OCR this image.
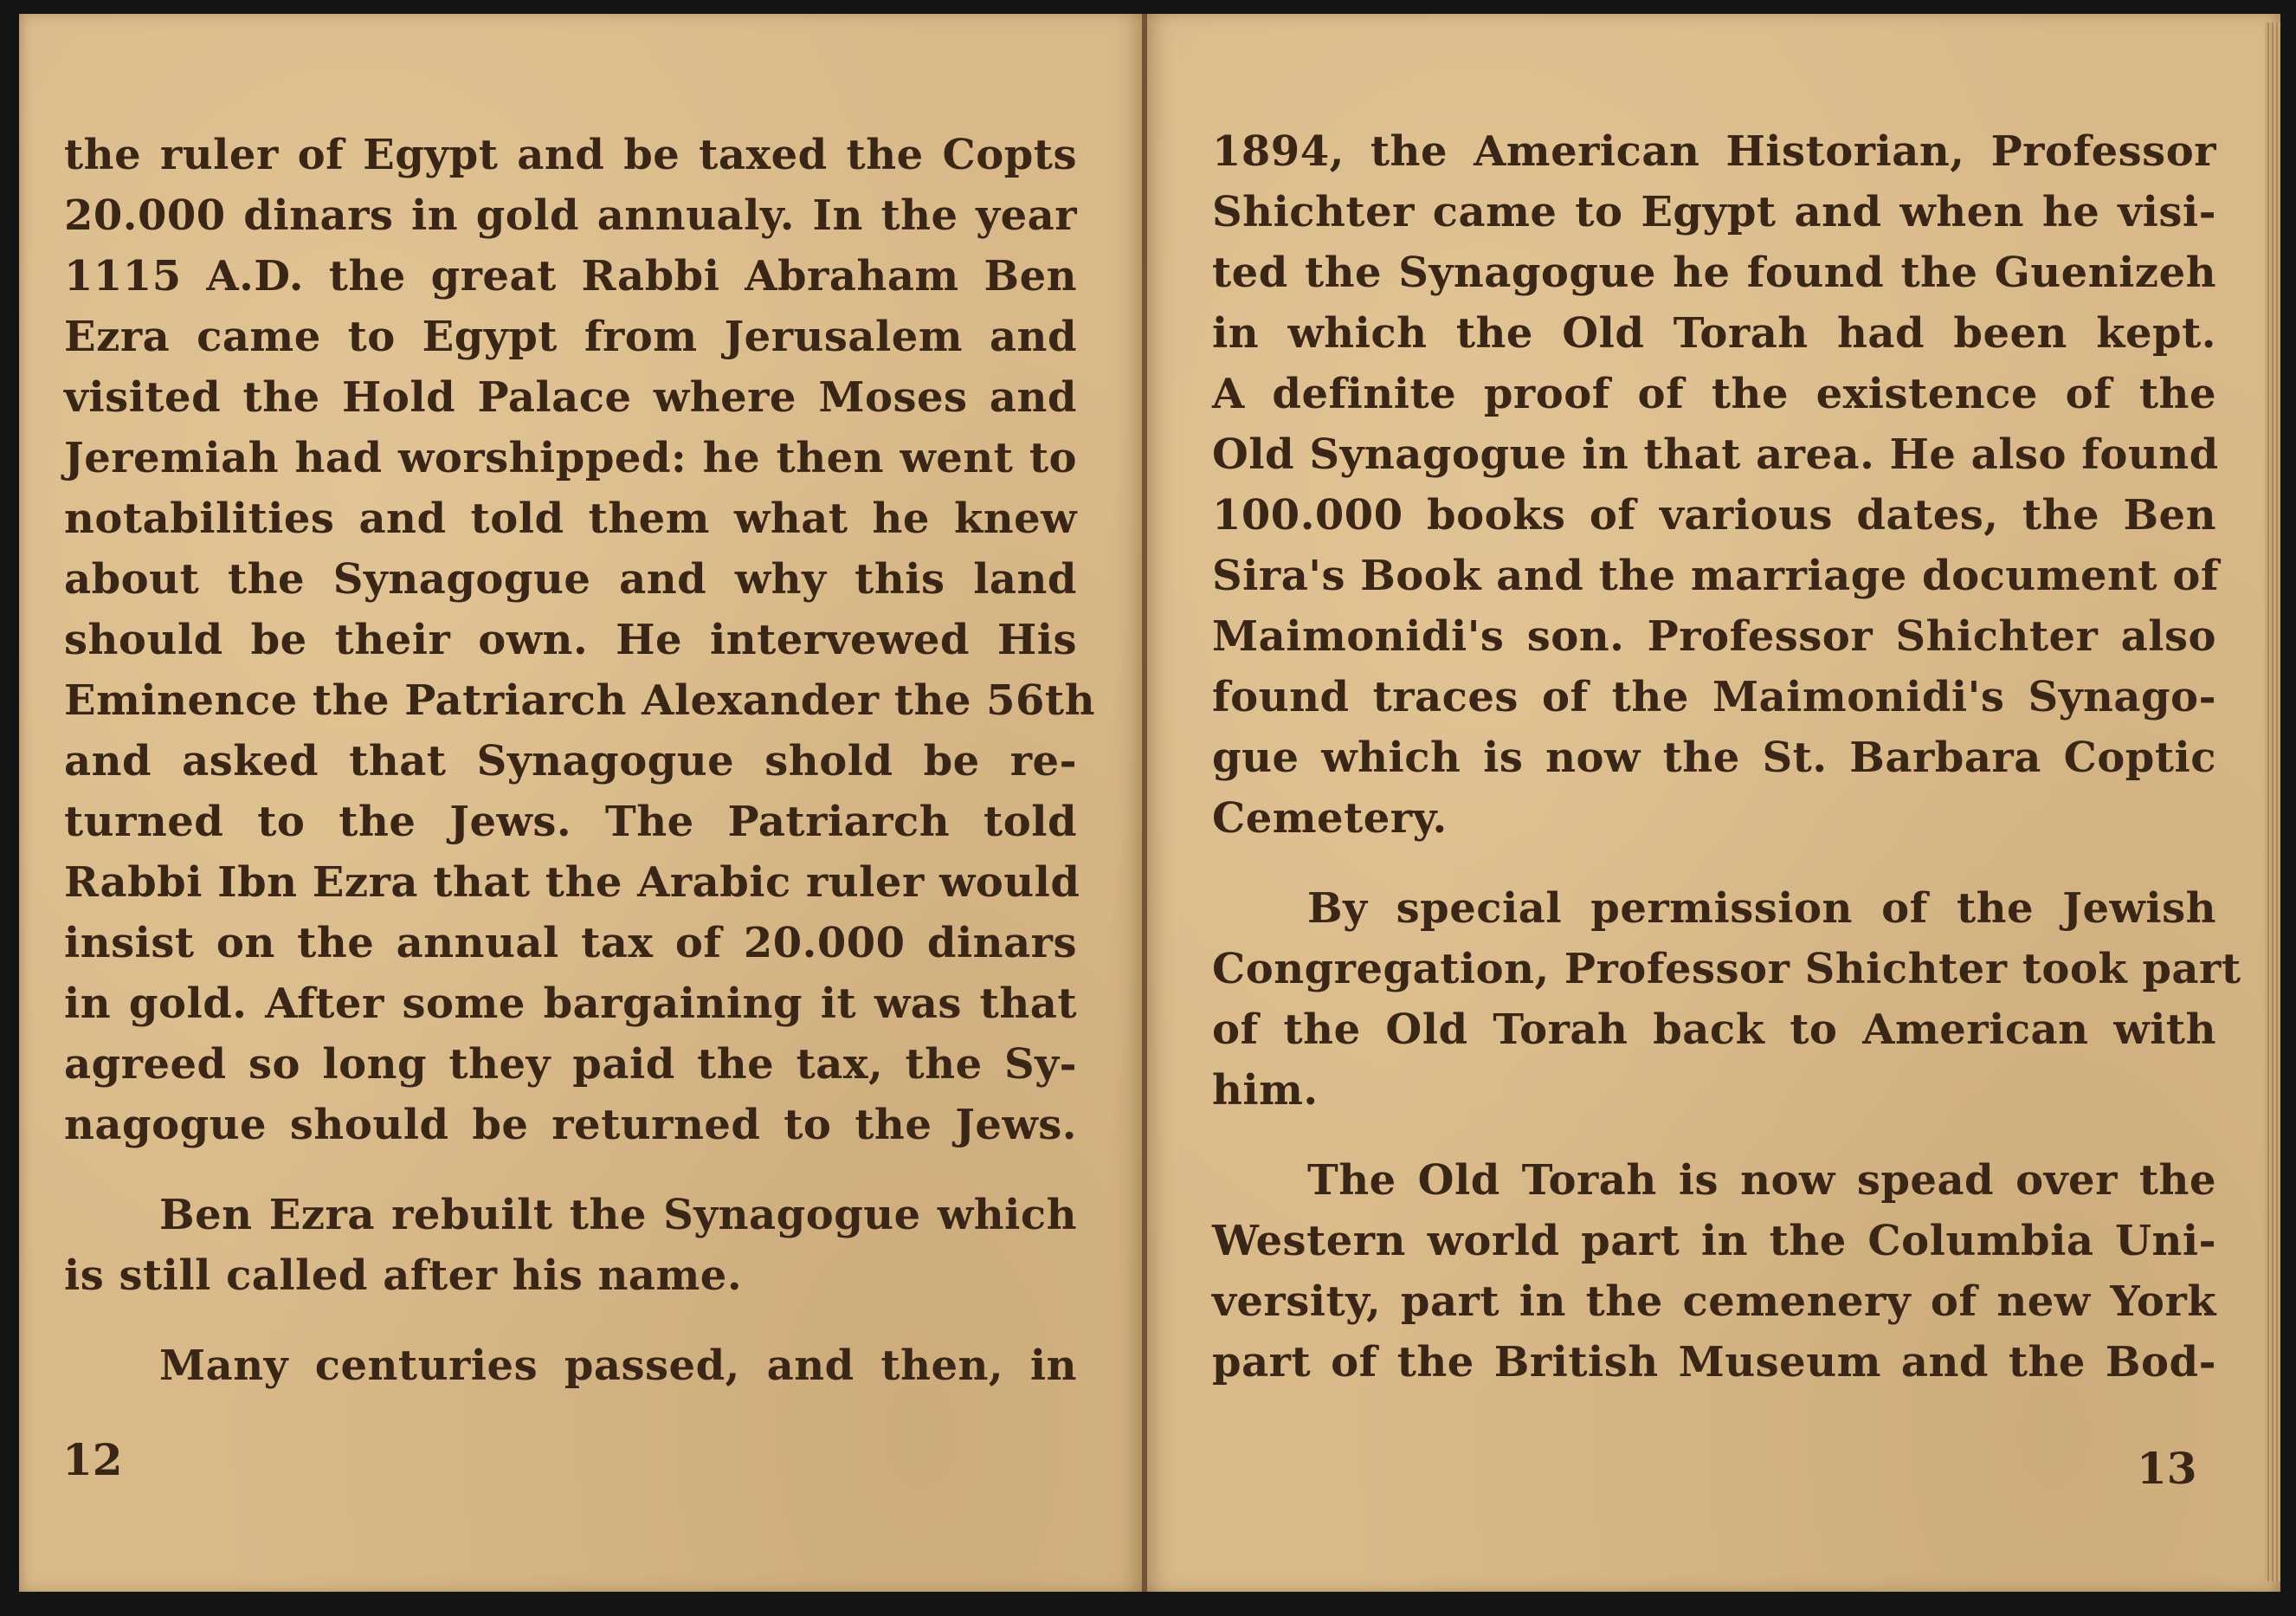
the ruler of Egypt and be taxed the Copts
20.000 dinars in gold annualy. In the year
1115 A.D. the great Rabbi Abraham Ben
Ezra came to Egypt from Jerusalem and
visited the Hold Palace where Moses and
Jeremiah had worshipped: he then went to
notabilities and told them what he knew
about the Synagogue and why this land
should be their own. He intervewed His
Eminence the Patriarch Alexander the 56th
and asked that Synagogue shold be re-
turned to the Jews. The Patriarch told
Rabbi Ibn Ezra that the Arabic ruler would
insist on the annual tax of 20.000 dinars
in gold. After some bargaining it was that
agreed so long they paid the tax, the Sy-
nagogue should be returned to the Jews.
Ben Ezra rebuilt the Synagogue which
is still called after his name.
Many centuries passed, and then, in
12
1894, the American Historian, Professor
Shichter came to Egypt and when he visi-
ted the Synagogue he found the Guenizeh
in which the Old Torah had been kept.
A definite proof of the existence of the
Old Synagogue in that area. He also found
100.000 books of various dates, the Ben
Sira's Book and the marriage document of
Maimonidi's son. Professor Shichter also
found traces of the Maimonidi's Synago-
gue which is now the St. Barbara Coptic
Cemetery.
By special permission of the Jewish
Congregation, Professor Shichter took part
of the Old Torah back to American with
him.
The Old Torah is now spead over the
Western world part in the Columbia Uni-
versity, part in the cemenery of new York
part of the British Museum and the Bod-
13
